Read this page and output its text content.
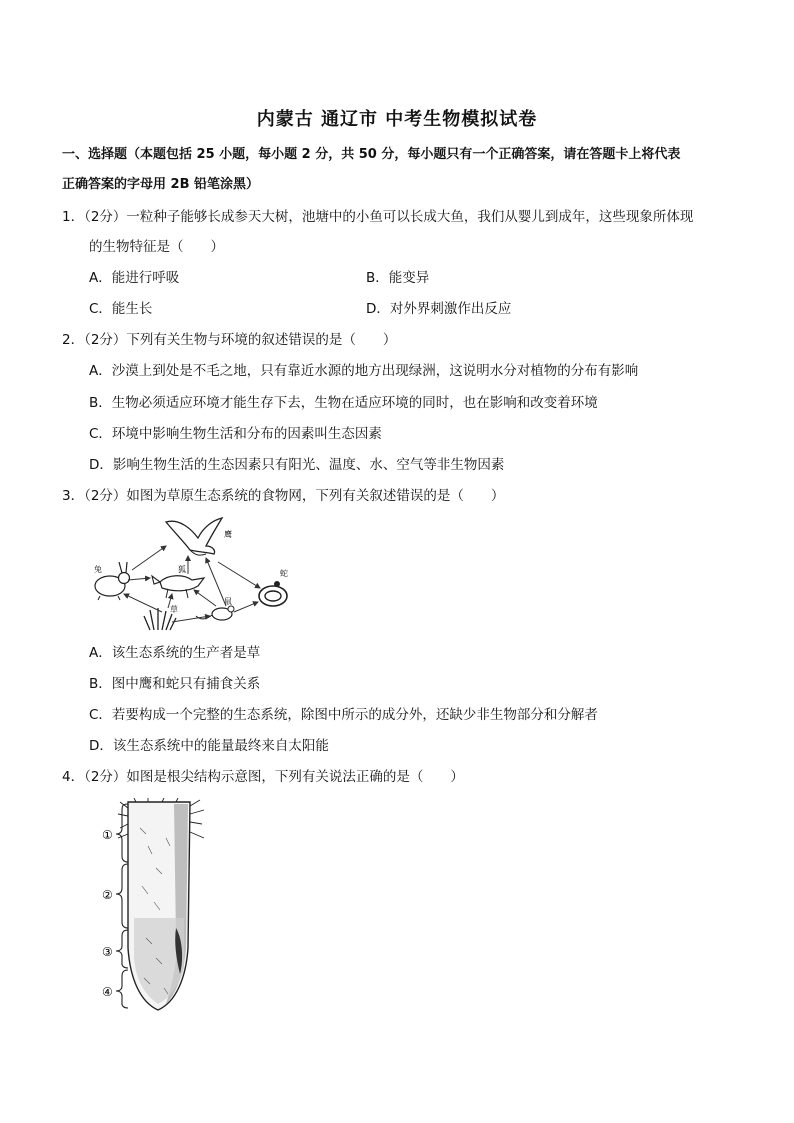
内蒙古 通辽市 中考生物模拟试卷
一、选择题（本题包括 25 小题，每小题 2 分，共 50 分，每小题只有一个正确答案，请在答题卡上将代表
正确答案的字母用 2B 铅笔涂黑）
1．（2分）一粒种子能够长成参天大树，池塘中的小鱼可以长成大鱼，我们从婴儿到成年，这些现象所体现
的生物特征是（　　）
A．能进行呼吸	B．能变异
C．能生长	D．对外界刺激作出反应
2．（2分）下列有关生物与环境的叙述错误的是（　　）
A．沙漠上到处是不毛之地，只有靠近水源的地方出现绿洲，这说明水分对植物的分布有影响
B．生物必须适应环境才能生存下去，生物在适应环境的同时，也在影响和改变着环境
C．环境中影响生物生活和分布的因素叫生态因素
D．影响生物生活的生态因素只有阳光、温度、水、空气等非生物因素
3．（2分）如图为草原生态系统的食物网，下列有关叙述错误的是（　　）
鹰
兔	狐	蛇
草
鼠
A．该生态系统的生产者是草
B．图中鹰和蛇只有捕食关系
C．若要构成一个完整的生态系统，除图中所示的成分外，还缺少非生物部分和分解者
D．该生态系统中的能量最终来自太阳能
4．（2分）如图是根尖结构示意图，下列有关说法正确的是（　　）
①
②
③
④
